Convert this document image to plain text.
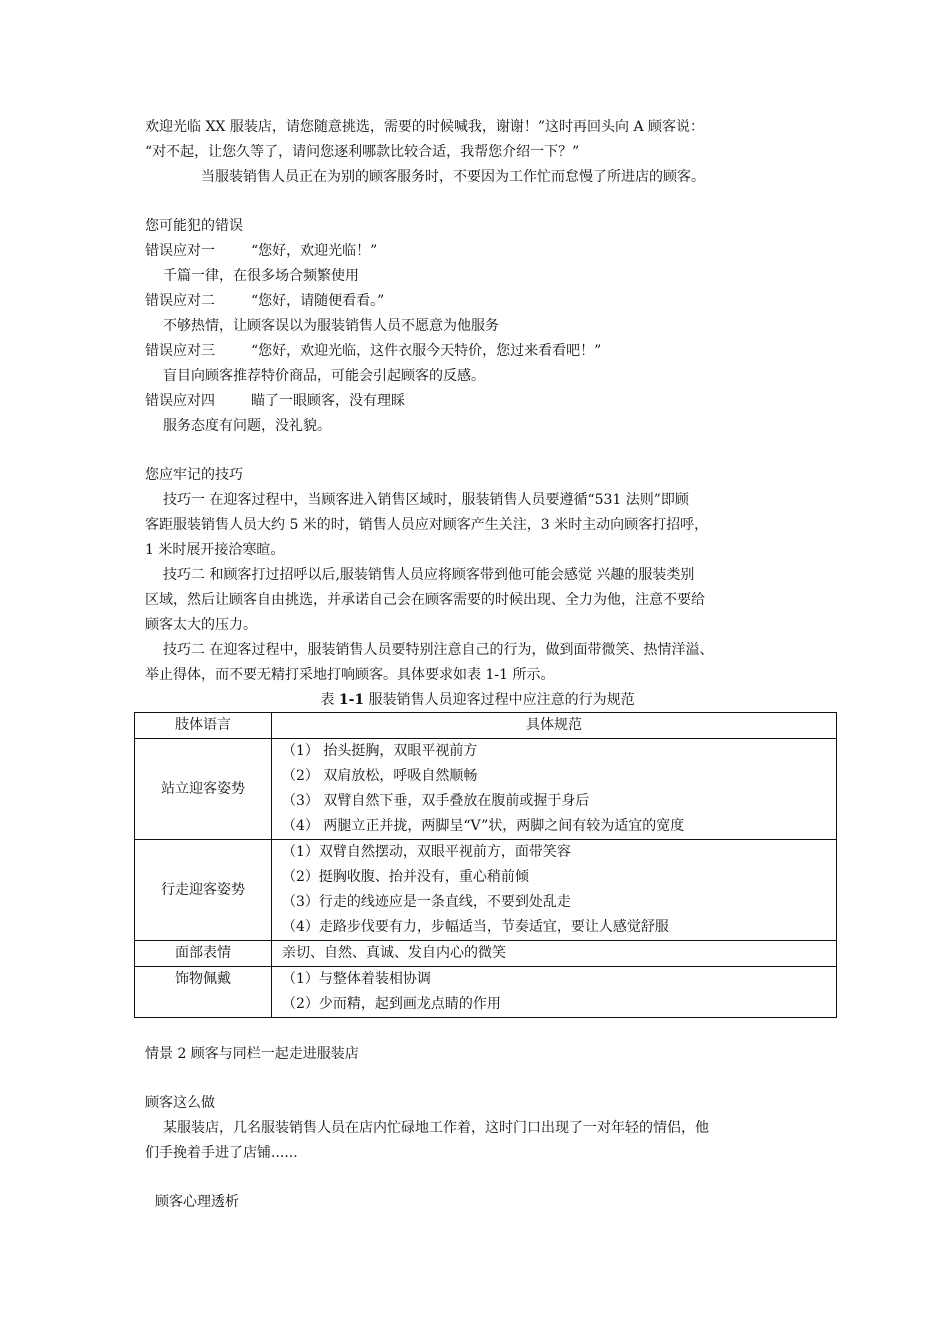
欢迎光临 XX 服装店，请您随意挑选，需要的时候喊我，谢谢！”这时再回头向 A 顾客说：
“对不起，让您久等了，请问您逐利哪款比较合适，我帮您介绍一下？”
当服装销售人员正在为别的顾客服务时，不要因为工作忙而怠慢了所进店的顾客。
您可能犯的错误
错误应对一	“您好，欢迎光临！”
千篇一律，在很多场合频繁使用
错误应对二	“您好，请随便看看。”
不够热情，让顾客误以为服装销售人员不愿意为他服务
错误应对三	“您好，欢迎光临，这件衣服今天特价，您过来看看吧！”
盲目向顾客推荐特价商品，可能会引起顾客的反感。
错误应对四	瞄了一眼顾客，没有理睬
服务态度有问题，没礼貌。
您应牢记的技巧
技巧一 在迎客过程中，当顾客进入销售区域时，服装销售人员要遵循“531 法则”即顾
客距服装销售人员大约 5 米的时，销售人员应对顾客产生关注，3 米时主动向顾客打招呼，
1 米时展开接洽寒暄。
技巧二 和顾客打过招呼以后,服装销售人员应将顾客带到他可能会感觉 兴趣的服装类别
区域，然后让顾客自由挑选，并承诺自己会在顾客需要的时候出现、全力为他，注意不要给
顾客太大的压力。
技巧二 在迎客过程中，服装销售人员要特别注意自己的行为，做到面带微笑、热情洋溢、
举止得体，而不要无精打采地打响顾客。具体要求如表 1-1 所示。
表 1-1 服装销售人员迎客过程中应注意的行为规范
肢体语言	具体规范
站立迎客姿势	（1） 抬头挺胸，双眼平视前方
（2） 双肩放松，呼吸自然顺畅
（3） 双臂自然下垂，双手叠放在腹前或握于身后
（4） 两腿立正并拢，两脚呈“V”状，两脚之间有较为适宜的宽度

行走迎客姿势	（1）双臂自然摆动，双眼平视前方，面带笑容
（2）挺胸收腹、抬并没有，重心稍前倾
（3）行走的线迹应是一条直线，不要到处乱走
（4）走路步伐要有力，步幅适当，节奏适宜，要让人感觉舒服

面部表情	亲切、自然、真诚、发自内心的微笑

饰物佩戴	（1）与整体着装相协调
（2）少而精，起到画龙点睛的作用
情景 2 顾客与同栏一起走进服装店
顾客这么做
某服装店，几名服装销售人员在店内忙碌地工作着，这时门口出现了一对年轻的情侣，他
们手挽着手进了店铺......
顾客心理透析
